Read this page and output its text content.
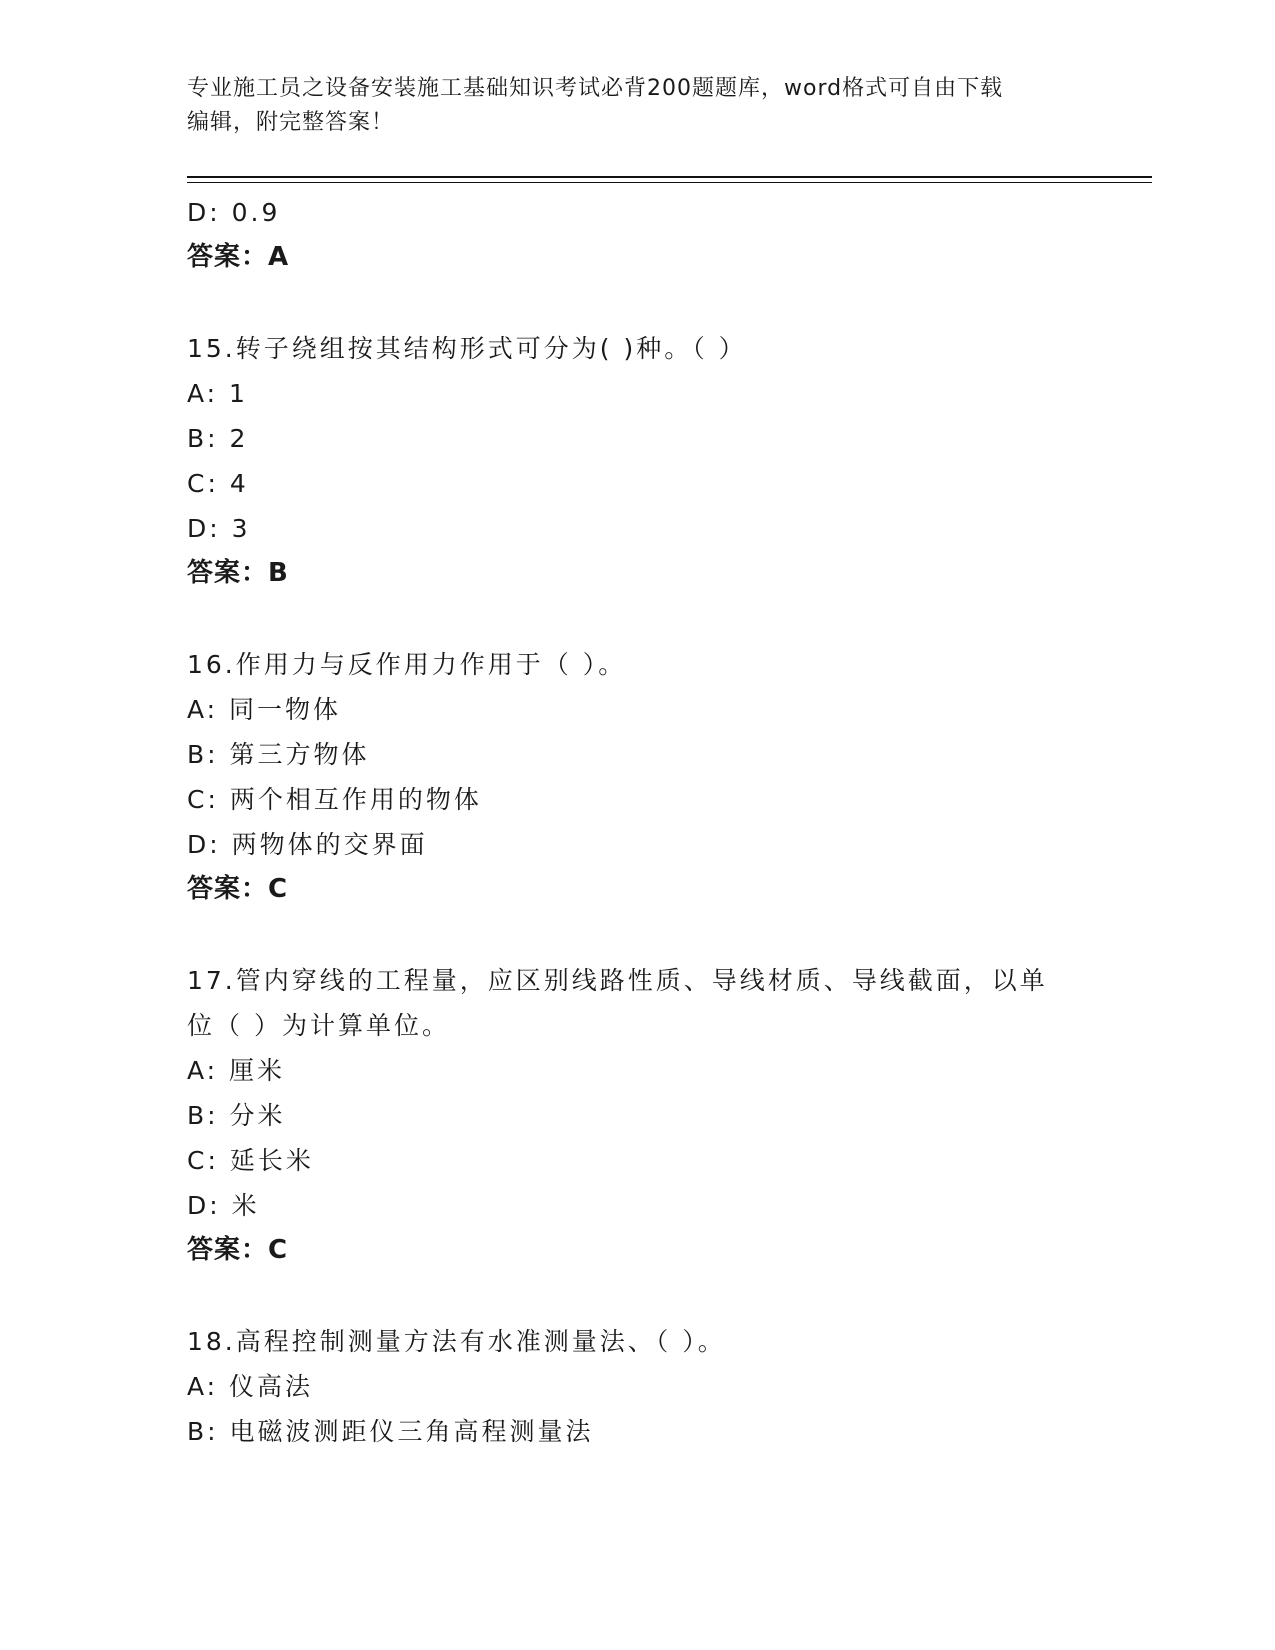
专业施工员之设备安装施工基础知识考试必背200题题库，word格式可自由下载
编辑，附完整答案！
D: 0.9
答案：A
15.转子绕组按其结构形式可分为( )种。（ ）
A: 1
B: 2
C: 4
D: 3
答案：B
16.作用力与反作用力作用于（ ）。
A: 同一物体
B: 第三方物体
C: 两个相互作用的物体
D: 两物体的交界面
答案：C
17.管内穿线的工程量，应区别线路性质、导线材质、导线截面，以单
位（ ）为计算单位。
A: 厘米
B: 分米
C: 延长米
D: 米
答案：C
18.高程控制测量方法有水准测量法、（ ）。
A: 仪高法
B: 电磁波测距仪三角高程测量法
